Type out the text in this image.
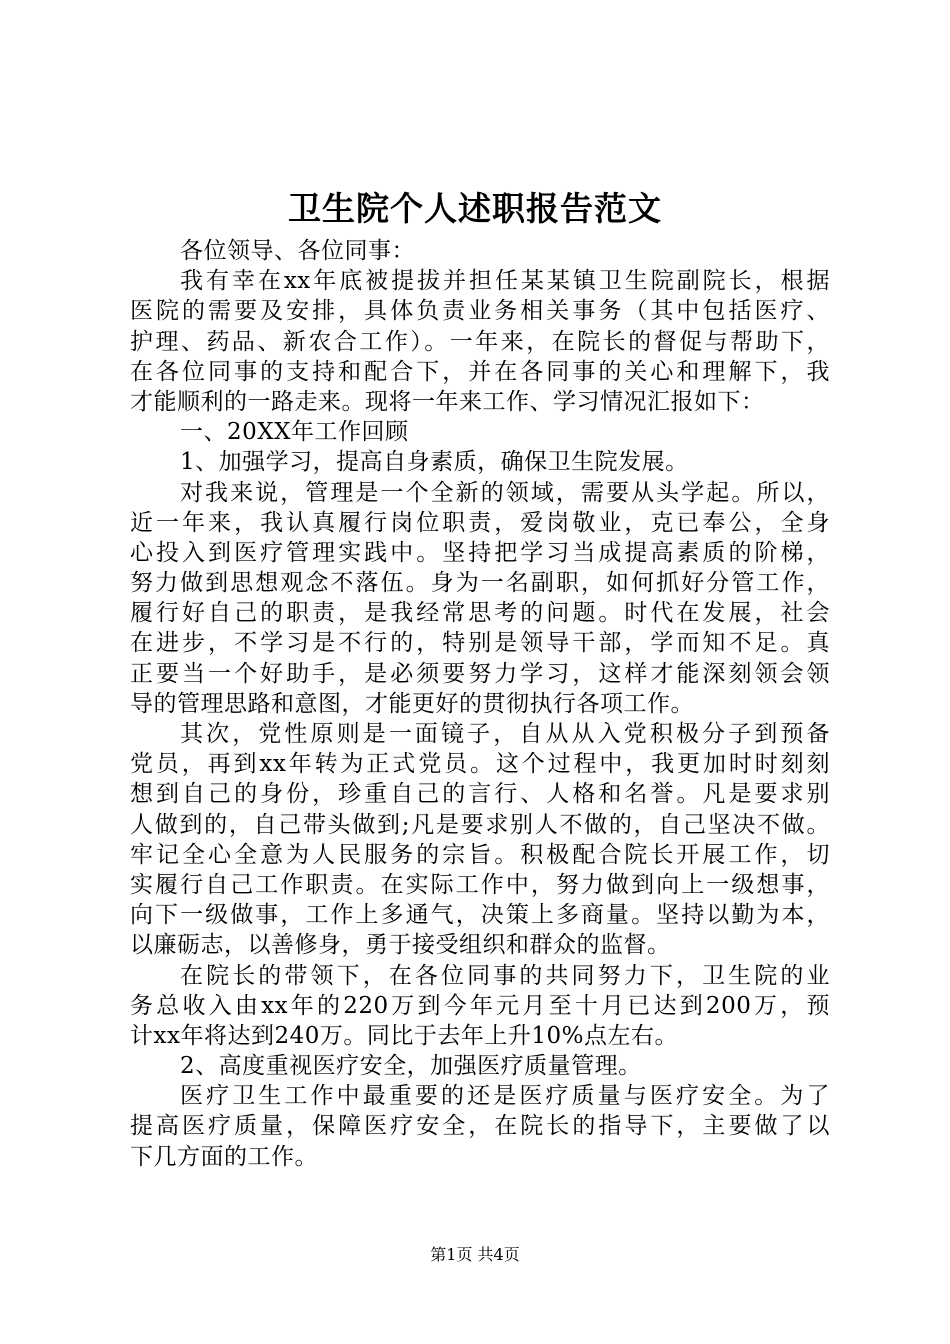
卫生院个人述职报告范文
各位领导、各位同事：
我有幸在xx年底被提拔并担任某某镇卫生院副院长，根据
医院的需要及安排，具体负责业务相关事务（其中包括医疗、
护理、药品、新农合工作）。一年来，在院长的督促与帮助下，
在各位同事的支持和配合下，并在各同事的关心和理解下，我
才能顺利的一路走来。现将一年来工作、学习情况汇报如下：
一、20XX年工作回顾
1、加强学习，提高自身素质，确保卫生院发展。
对我来说，管理是一个全新的领域，需要从头学起。所以，
近一年来，我认真履行岗位职责，爱岗敬业，克已奉公，全身
心投入到医疗管理实践中。坚持把学习当成提高素质的阶梯，
努力做到思想观念不落伍。身为一名副职，如何抓好分管工作，
履行好自己的职责，是我经常思考的问题。时代在发展，社会
在进步，不学习是不行的，特别是领导干部，学而知不足。真
正要当一个好助手，是必须要努力学习，这样才能深刻领会领
导的管理思路和意图，才能更好的贯彻执行各项工作。
其次，党性原则是一面镜子，自从从入党积极分子到预备
党员，再到xx年转为正式党员。这个过程中，我更加时时刻刻
想到自己的身份，珍重自己的言行、人格和名誉。凡是要求别
人做到的，自己带头做到;凡是要求别人不做的，自己坚决不做。
牢记全心全意为人民服务的宗旨。积极配合院长开展工作，切
实履行自己工作职责。在实际工作中，努力做到向上一级想事，
向下一级做事，工作上多通气，决策上多商量。坚持以勤为本，
以廉砺志，以善修身，勇于接受组织和群众的监督。
在院长的带领下，在各位同事的共同努力下，卫生院的业
务总收入由xx年的220万到今年元月至十月已达到200万，预
计xx年将达到240万。同比于去年上升10%点左右。
2、高度重视医疗安全，加强医疗质量管理。
医疗卫生工作中最重要的还是医疗质量与医疗安全。为了
提高医疗质量，保障医疗安全，在院长的指导下，主要做了以
下几方面的工作。
第1页 共4页
